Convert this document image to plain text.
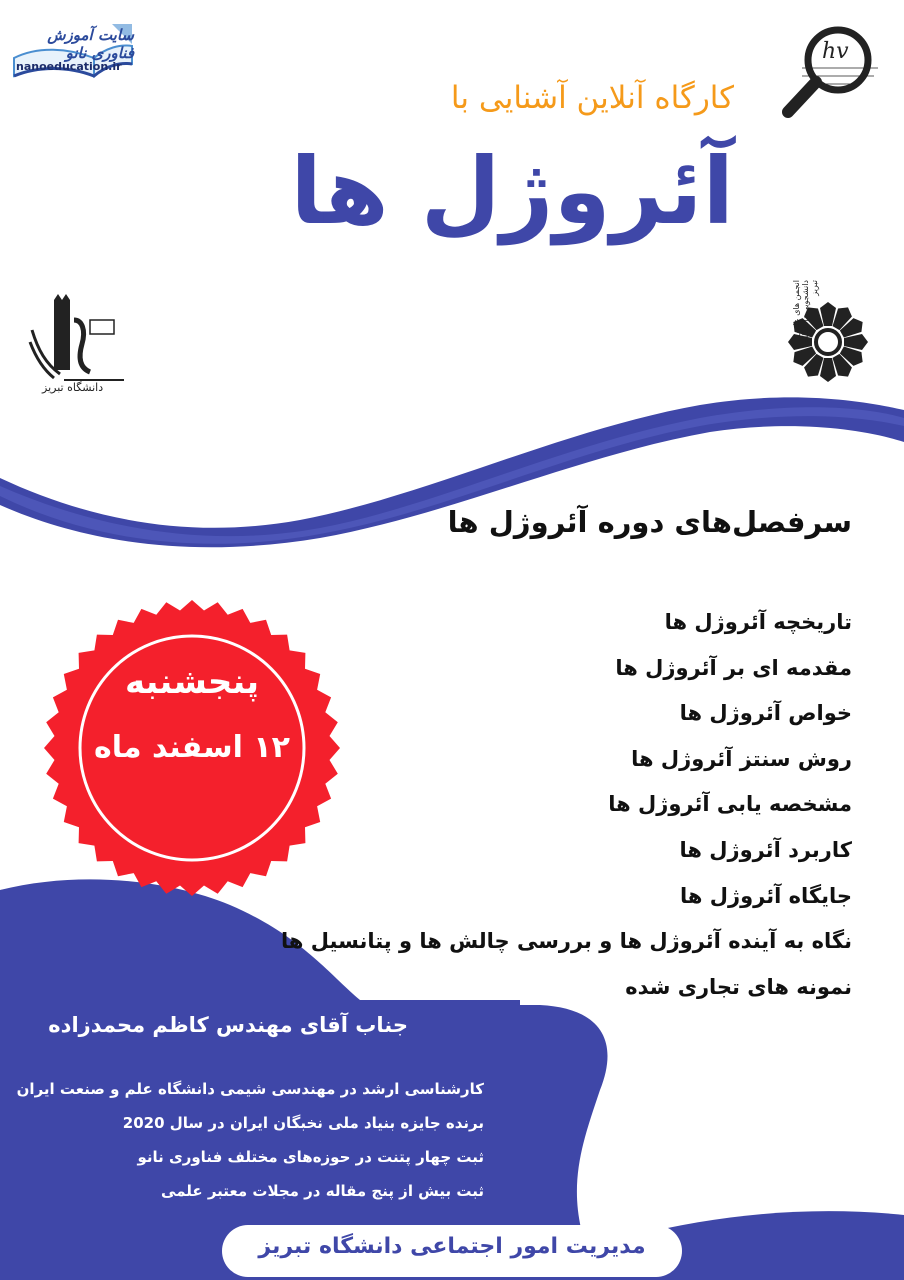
سایت آموزش فناوری نانو
nanoeducation.ir
hv
کارگاه آنلاین آشنایی با
آئروژل ها
دانشگاه تبریز
انجمن های علمی دانشجویی دانشگاه تبریز
سرفصل‌های دوره آئروژل ها
تاریخچه آئروژل ها
مقدمه ای بر آئروژل ها
خواص آئروژل ها
روش سنتز آئروژل ها
مشخصه یابی آئروژل ها
کاربرد آئروژل ها
جایگاه آئروژل ها
نگاه به آینده آئروژل ها و بررسی چالش ها و پتانسیل ها
نمونه های تجاری شده
پنجشنبه
۱۲ اسفند ماه
جناب آقای مهندس کاظم محمدزاده
کارشناسی ارشد در مهندسی شیمی دانشگاه علم و صنعت ایران
برنده جایزه بنیاد ملی نخبگان ایران در سال 2020
ثبت چهار پتنت در حوزه‌های مختلف فناوری نانو
ثبت بیش از پنج مقاله در مجلات معتبر علمی
مدیریت امور اجتماعی دانشگاه تبریز
